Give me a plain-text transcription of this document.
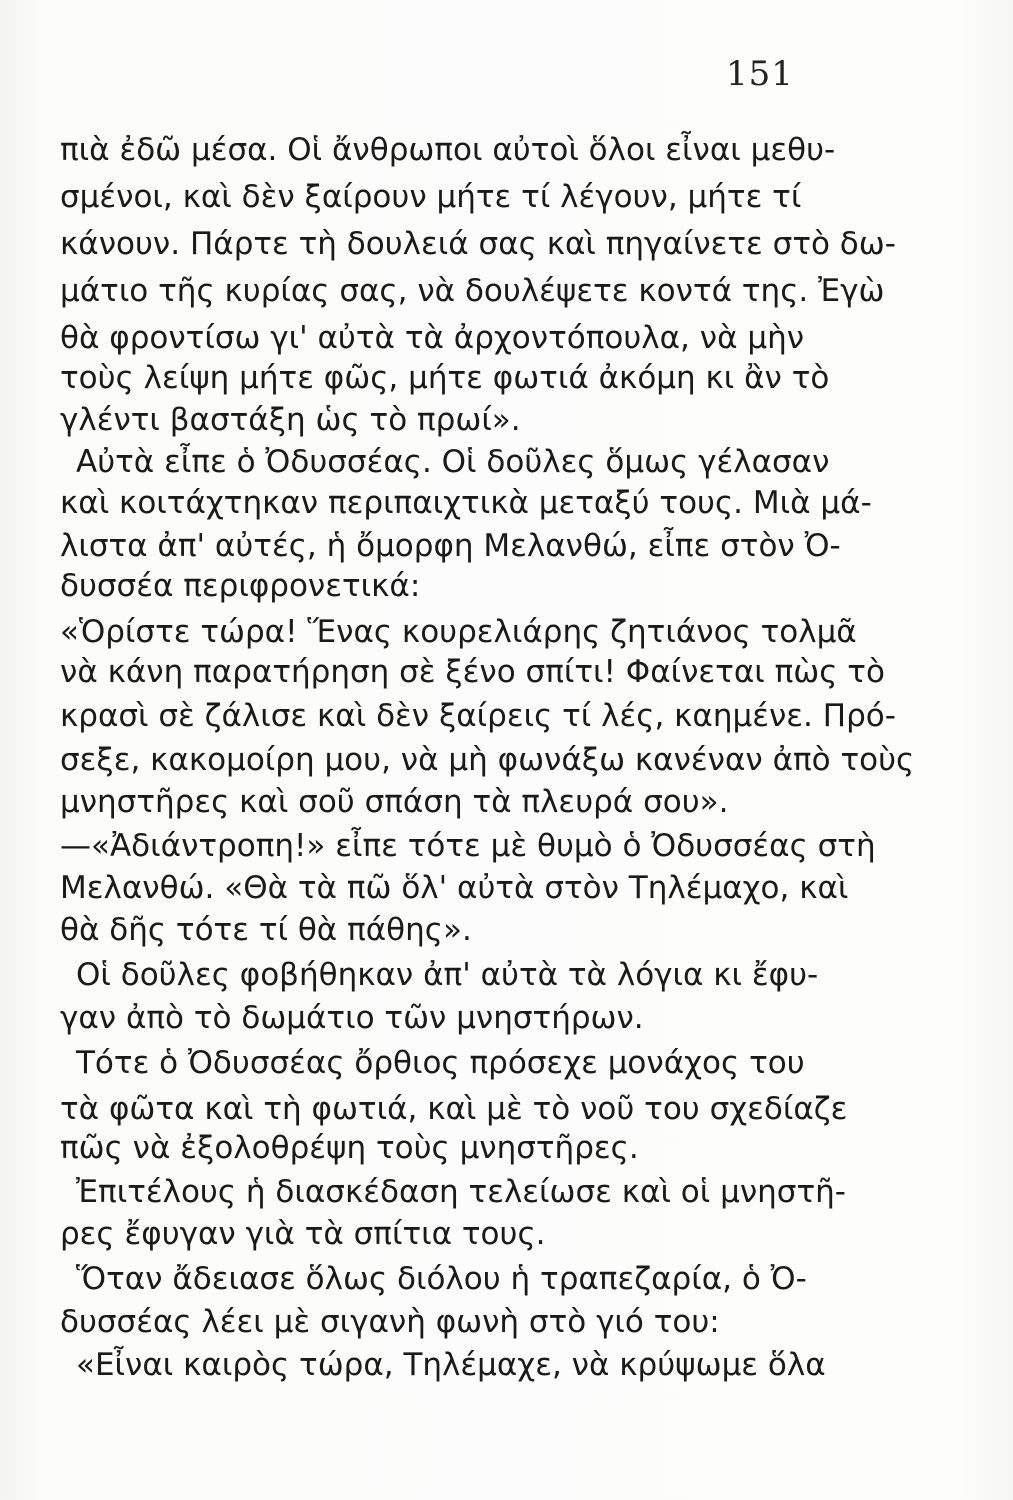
151
πιὰ ἐδῶ μέσα. Οἱ ἄνθρωποι αὐτοὶ ὅλοι εἶναι μεθυ-
σμένοι, καὶ δὲν ξαίρουν μήτε τί λέγουν, μήτε τί
κάνουν. Πάρτε τὴ δουλειά σας καὶ πηγαίνετε στὸ δω-
μάτιο τῆς κυρίας σας, νὰ δουλέψετε κοντά της. Ἐγὼ
θὰ φροντίσω γι' αὐτὰ τὰ ἀρχοντόπουλα, νὰ μὴν
τοὺς λείψη μήτε φῶς, μήτε φωτιά ἀκόμη κι ἂν τὸ
γλέντι βαστάξη ὡς τὸ πρωί».
Αὐτὰ εἶπε ὁ Ὀδυσσέας. Οἱ δοῦλες ὅμως γέλασαν
καὶ κοιτάχτηκαν περιπαιχτικὰ μεταξύ τους. Μιὰ μά-
λιστα ἀπ' αὐτές, ἡ ὄμορφη Μελανθώ, εἶπε στὸν Ὀ-
δυσσέα περιφρονετικά:
«Ὁρίστε τώρα! Ἕνας κουρελιάρης ζητιάνος τολμᾶ
νὰ κάνη παρατήρηση σὲ ξένο σπίτι! Φαίνεται πὼς τὸ
κρασὶ σὲ ζάλισε καὶ δὲν ξαίρεις τί λές, καημένε. Πρό-
σεξε, κακομοίρη μου, νὰ μὴ φωνάξω κανέναν ἀπὸ τοὺς
μνηστῆρες καὶ σοῦ σπάση τὰ πλευρά σου».
—«Ἀδιάντροπη!» εἶπε τότε μὲ θυμὸ ὁ Ὀδυσσέας στὴ
Μελανθώ. «Θὰ τὰ πῶ ὅλ' αὐτὰ στὸν Τηλέμαχο, καὶ
θὰ δῆς τότε τί θὰ πάθης».
Οἱ δοῦλες φοβήθηκαν ἀπ' αὐτὰ τὰ λόγια κι ἔφυ-
γαν ἀπὸ τὸ δωμάτιο τῶν μνηστήρων.
Τότε ὁ Ὀδυσσέας ὄρθιος πρόσεχε μονάχος του
τὰ φῶτα καὶ τὴ φωτιά, καὶ μὲ τὸ νοῦ του σχεδίαζε
πῶς νὰ ἐξολοθρέψη τοὺς μνηστῆρες.
Ἐπιτέλους ἡ διασκέδαση τελείωσε καὶ οἱ μνηστῆ-
ρες ἔφυγαν γιὰ τὰ σπίτια τους.
Ὅταν ἄδειασε ὅλως διόλου ἡ τραπεζαρία, ὁ Ὀ-
δυσσέας λέει μὲ σιγανὴ φωνὴ στὸ γιό του:
«Εἶναι καιρὸς τώρα, Τηλέμαχε, νὰ κρύψωμε ὅλα
